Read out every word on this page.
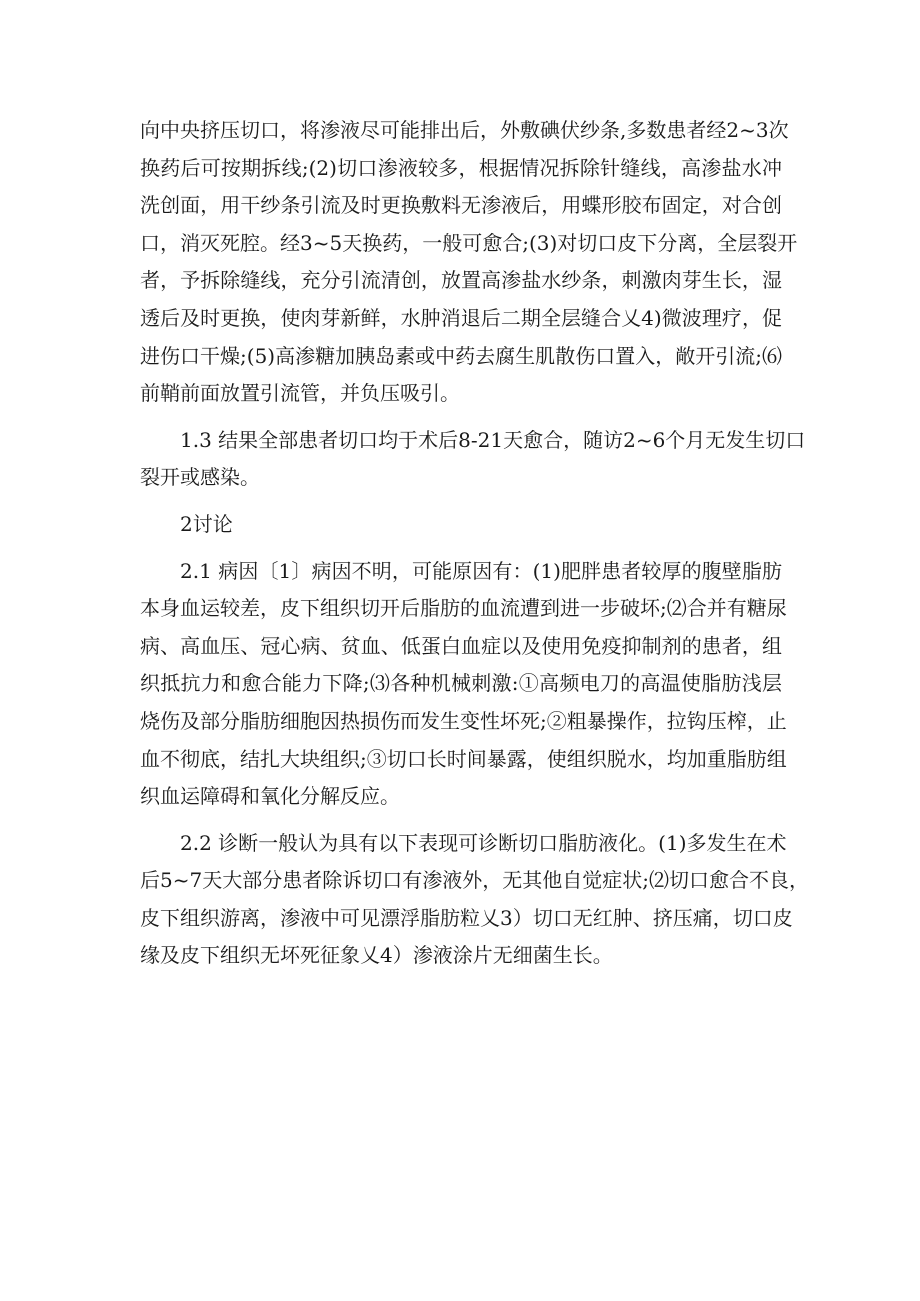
向中央挤压切口，将渗液尽可能排出后，外敷碘伏纱条,多数患者经2~3次
换药后可按期拆线;(2)切口渗液较多，根据情况拆除针缝线，高渗盐水冲
洗创面，用干纱条引流及时更换敷料无渗液后，用蝶形胶布固定，对合创
口，消灭死腔。经3~5天换药，一般可愈合;(3)对切口皮下分离，全层裂开
者，予拆除缝线，充分引流清创，放置高渗盐水纱条，刺激肉芽生长，湿
透后及时更换，使肉芽新鲜，水肿消退后二期全层缝合乂4)微波理疗，促
进伤口干燥;(5)高渗糖加胰岛素或中药去腐生肌散伤口置入，敞开引流;⑹
前鞘前面放置引流管，并负压吸引。

1.3 结果全部患者切口均于术后8-21天愈合，随访2~6个月无发生切口
裂开或感染。

2讨论

2.1 病因〔1〕病因不明，可能原因有：(1)肥胖患者较厚的腹壁脂肪
本身血运较差，皮下组织切开后脂肪的血流遭到进一步破坏;⑵合并有糖尿
病、高血压、冠心病、贫血、低蛋白血症以及使用免疫抑制剂的患者，组
织抵抗力和愈合能力下降;⑶各种机械刺激:①高频电刀的高温使脂肪浅层
烧伤及部分脂肪细胞因热损伤而发生变性坏死;②粗暴操作，拉钩压榨，止
血不彻底，结扎大块组织;③切口长时间暴露，使组织脱水，均加重脂肪组
织血运障碍和氧化分解反应。

2.2 诊断一般认为具有以下表现可诊断切口脂肪液化。(1)多发生在术
后5~7天大部分患者除诉切口有渗液外，无其他自觉症状;⑵切口愈合不良，
皮下组织游离，渗液中可见漂浮脂肪粒乂3）切口无红肿、挤压痛，切口皮
缘及皮下组织无坏死征象乂4）渗液涂片无细菌生长。
